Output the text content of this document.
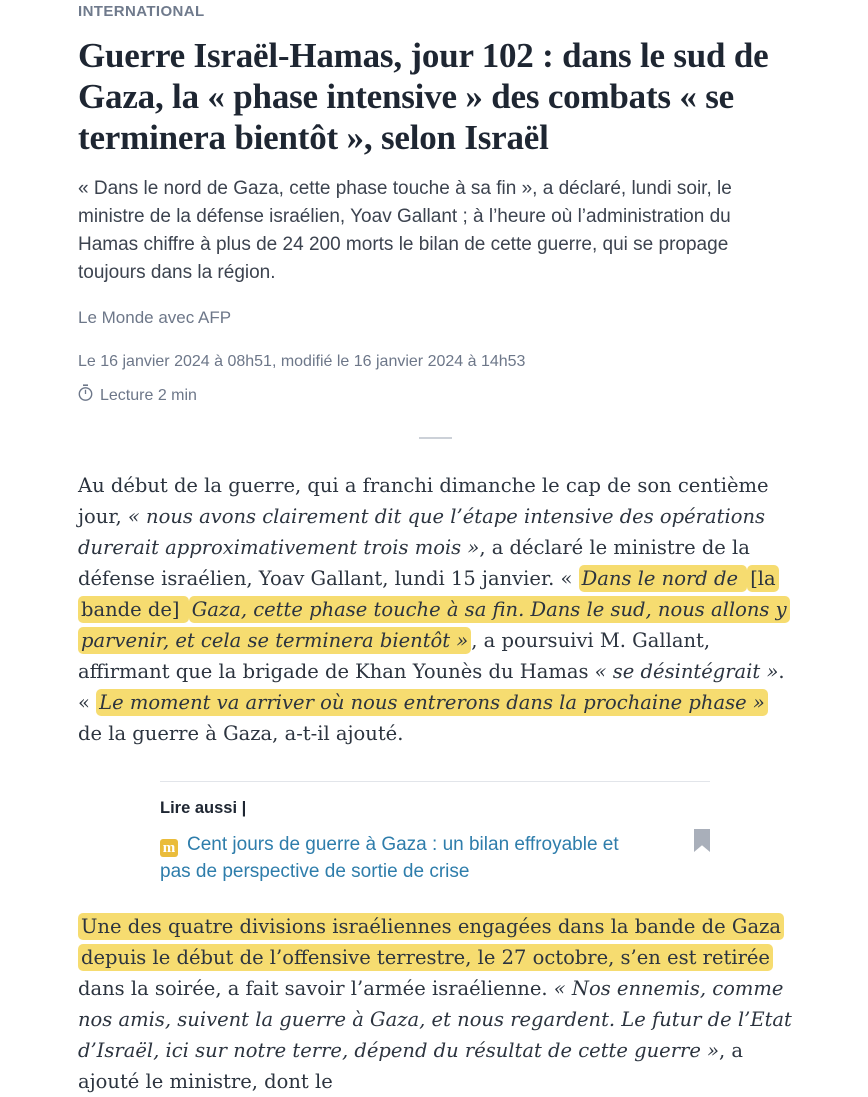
INTERNATIONAL
Guerre Israël-Hamas, jour 102 : dans le sud de Gaza, la « phase intensive » des combats « se terminera bientôt », selon Israël

« Dans le nord de Gaza, cette phase touche à sa fin », a déclaré, lundi soir, le ministre de la défense israélien, Yoav Gallant ; à l’heure où l’administration du Hamas chiffre à plus de 24 200 morts le bilan de cette guerre, qui se propage toujours dans la région.

Le Monde avec AFP
Le 16 janvier 2024 à 08h51, modifié le 16 janvier 2024 à 14h53
Lecture 2 min

Au début de la guerre, qui a franchi dimanche le cap de son centième jour, « nous avons clairement dit que l’étape intensive des opérations durerait approximativement trois mois », a déclaré le ministre de la défense israélien, Yoav Gallant, lundi 15 janvier. « Dans le nord de [la bande de] Gaza, cette phase touche à sa fin. Dans le sud, nous allons y parvenir, et cela se terminera bientôt » , a poursuivi M. Gallant, affirmant que la brigade de Khan Younès du Hamas « se désintégrait ». « Le moment va arriver où nous entrerons dans la prochaine phase » de la guerre à Gaza, a-t-il ajouté.

Lire aussi |
m Cent jours de guerre à Gaza : un bilan effroyable et pas de perspective de sortie de crise

Une des quatre divisions israéliennes engagées dans la bande de Gaza depuis le début de l’offensive terrestre, le 27 octobre, s’en est retirée dans la soirée, a fait savoir l’armée israélienne. « Nos ennemis, comme nos amis, suivent la guerre à Gaza, et nous regardent. Le futur de l’Etat d’Israël, ici sur notre terre, dépend du résultat de cette guerre », a ajouté le ministre, dont le
